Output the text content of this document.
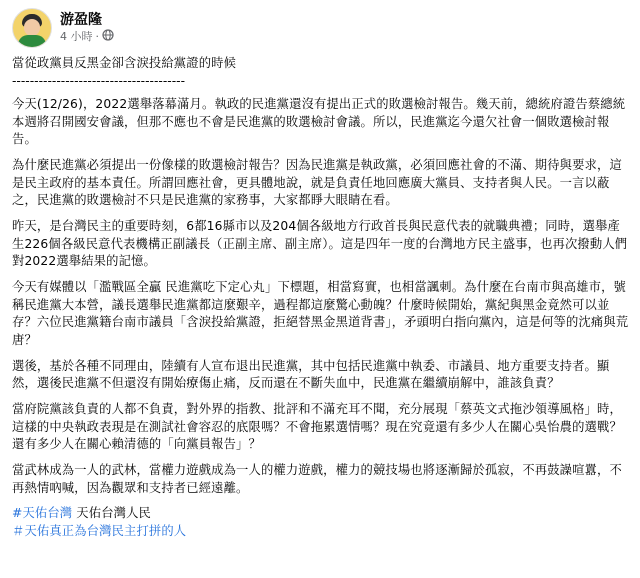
游盈隆
4 小時 ·

當從政黨員反黑金卻含淚投給黨證的時候

---------------------------------------

今天(12/26)，2022選舉落幕滿月。執政的民進黨還沒有提出正式的敗選檢討報告。幾天前，總統府證告蔡總統本週將召開國安會議，但那不應也不會是民進黨的敗選檢討會議。所以，民進黨迄今還欠社會一個敗選檢討報告。

為什麼民進黨必須提出一份像樣的敗選檢討報告？因為民進黨是執政黨，必須回應社會的不滿、期待與要求，這是民主政府的基本責任。所謂回應社會，更具體地說，就是負責任地回應廣大黨員、支持者與人民。一言以蔽之，民進黨的敗選檢討不只是民進黨的家務事，大家都睜大眼睛在看。

昨天，是台灣民主的重要時刻，6都16縣市以及204個各級地方行政首長與民意代表的就職典禮；同時，選舉產生226個各級民意代表機構正副議長（正副主席、副主席）。這是四年一度的台灣地方民主盛事，也再次撥動人們對2022選舉結果的記憶。

今天有媒體以「濫戰區全贏 民進黨吃下定心丸」下標題，相當寫實，也相當諷刺。為什麼在台南市與高雄市，號稱民進黨大本營，議長選舉民進黨都這麼艱辛，過程都這麼驚心動魄？什麼時候開始，黨紀與黑金竟然可以並存？六位民進黨籍台南市議員「含淚投給黨證，拒絕替黑金黑道背書」，矛頭明白指向黨內，這是何等的沈痛與荒唐？

選後，基於各種不同理由，陸續有人宣布退出民進黨，其中包括民進黨中執委、市議員、地方重要支持者。顯然，選後民進黨不但還沒有開始療傷止痛，反而還在不斷失血中，民進黨在繼續崩解中，誰該負責？

當府院黨該負責的人都不負責，對外界的指教、批評和不滿充耳不聞，充分展現「蔡英文式拖沙領導風格」時，這樣的中央執政表現是在測試社會容忍的底限嗎？不會拖累選情嗎？現在究竟還有多少人在關心吳怡農的選戰？還有多少人在關心賴清德的「向黨員報告」？

當武林成為一人的武林，當權力遊戲成為一人的權力遊戲，權力的競技場也將逐漸歸於孤寂，不再鼓譟喧囂，不再熱情吶喊，因為觀眾和支持者已經遠離。

#天佑台灣 天佑台灣人民

＃天佑真正為台灣民主打拼的人
